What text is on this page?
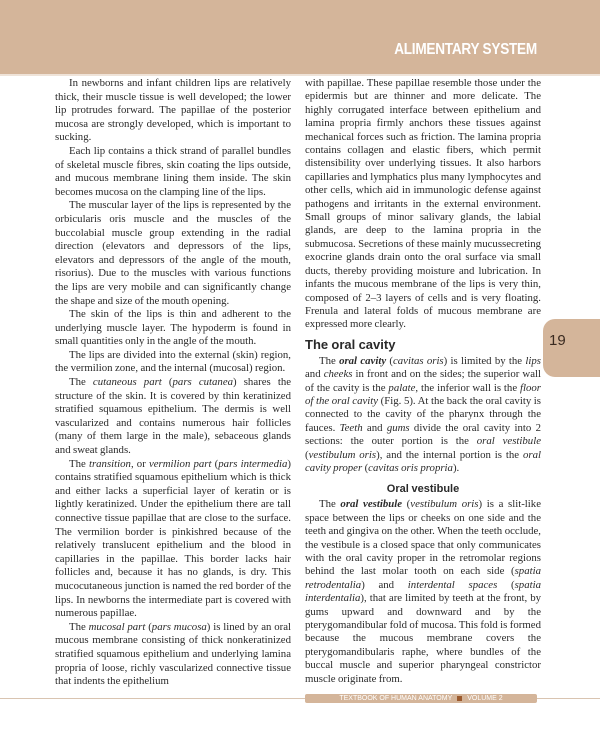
ALIMENTARY SYSTEM

In newborns and infant children lips are relatively thick, their muscle tissue is well developed; the lower lip protrudes forward. The papillae of the posterior mucosa are strongly developed, which is important to sucking.

Each lip contains a thick strand of parallel bundles of skeletal muscle fibres, skin coating the lips outside, and mucous membrane lining them inside. The skin becomes mucosa on the clamping line of the lips.

The muscular layer of the lips is represented by the orbicularis oris muscle and the muscles of the buccolabial muscle group extending in the radial direction (elevators and depressors of the lips, elevators and depressors of the angle of the mouth, risorius). Due to the muscles with various functions the lips are very mobile and can significantly change the shape and size of the mouth opening.

The skin of the lips is thin and adherent to the underlying muscle layer. The hypoderm is found in small quantities only in the angle of the mouth.

The lips are divided into the external (skin) region, the vermilion zone, and the internal (mucosal) region.

The cutaneous part (pars cutanea) shares the structure of the skin. It is covered by thin keratinized stratified squamous epithelium. The dermis is well vascularized and contains numerous hair follicles (many of them large in the male), sebaceous glands and sweat glands.

The transition, or vermilion part (pars intermedia) contains stratified squamous epithelium which is thick and either lacks a superficial layer of keratin or is lightly keratinized. Under the epithelium there are tall connective tissue papillae that are close to the surface. The vermilion border is pinkishred because of the relatively translucent epithelium and the blood in capillaries in the papillae. This border lacks hair follicles and, because it has no glands, is dry. This mucocutaneous junction is named the red border of the lips. In newborns the intermediate part is covered with numerous papillae.

The mucosal part (pars mucosa) is lined by an oral mucous membrane consisting of thick nonkeratinized stratified squamous epithelium and underlying lamina propria of loose, richly vascularized connective tissue that indents the epithelium

with papillae. These papillae resemble those under the epidermis but are thinner and more delicate. The highly corrugated interface between epithelium and lamina propria firmly anchors these tissues against mechanical forces such as friction. The lamina propria contains collagen and elastic fibers, which permit distensibility over underlying tissues. It also harbors capillaries and lymphatics plus many lymphocytes and other cells, which aid in immunologic defense against pathogens and irritants in the external environment. Small groups of minor salivary glands, the labial glands, are deep to the lamina propria in the submucosa. Secretions of these mainly mucussecreting exocrine glands drain onto the oral surface via small ducts, thereby providing moisture and lubrication. In infants the mucous membrane of the lips is very thin, composed of 2–3 layers of cells and is very floating. Frenula and lateral folds of mucous membrane are expressed more clearly.

The oral cavity

The oral cavity (cavitas oris) is limited by the lips and cheeks in front and on the sides; the superior wall of the cavity is the palate, the inferior wall is the floor of the oral cavity (Fig. 5). At the back the oral cavity is connected to the cavity of the pharynx through the fauces. Teeth and gums divide the oral cavity into 2 sections: the outer portion is the oral vestibule (vestibulum oris), and the internal portion is the oral cavity proper (cavitas oris propria).

Oral vestibule

The oral vestibule (vestibulum oris) is a slit-like space between the lips or cheeks on one side and the teeth and gingiva on the other. When the teeth occlude, the vestibule is a closed space that only communicates with the oral cavity proper in the retromolar regions behind the last molar tooth on each side (spatia retrodentalia) and interdental spaces (spatia interdentalia), that are limited by teeth at the front, by gums upward and downward and by the pterygomandibular fold of mucosa. This fold is formed because the mucous membrane covers the pterygomandibularis raphe, where bundles of the buccal muscle and superior pharyngeal constrictor muscle originate from.

19
TEXTBOOK OF HUMAN ANATOMY VOLUME 2
